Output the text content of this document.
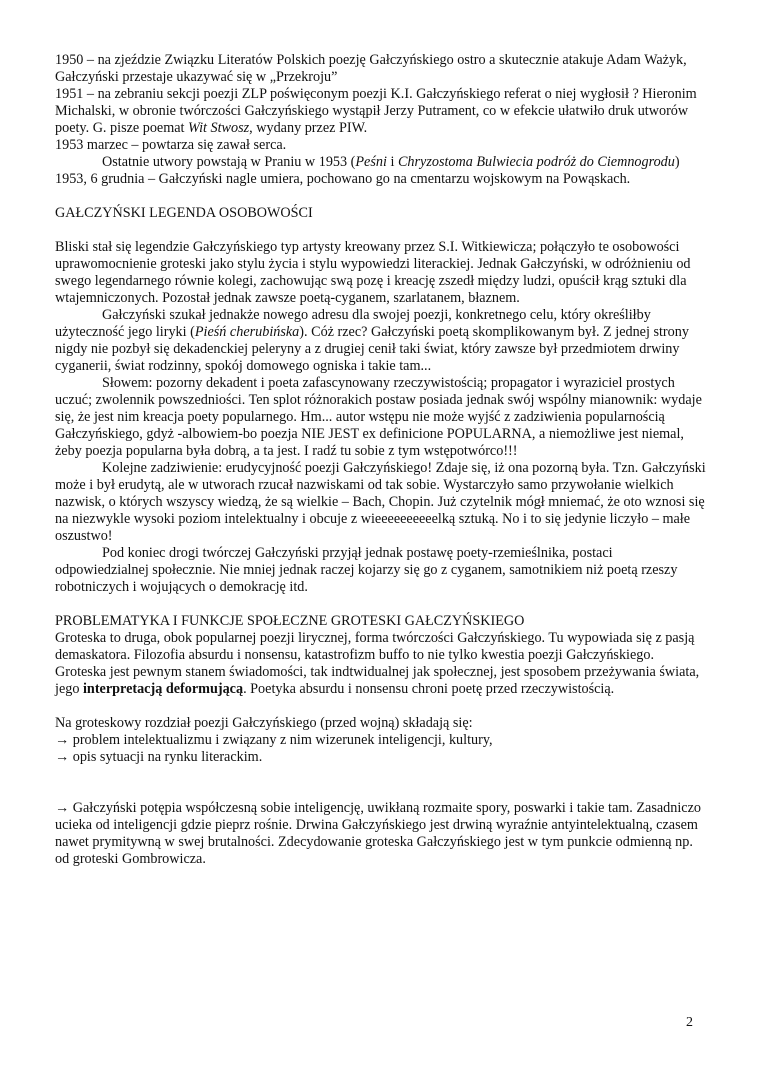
1950 – na zjeździe Związku Literatów Polskich poezję Gałczyńskiego ostro a skutecznie atakuje Adam Ważyk, Gałczyński przestaje ukazywać się w „Przekroju”

1951 – na zebraniu sekcji poezji ZLP poświęconym poezji K.I. Gałczyńskiego referat o niej wygłosił ? Hieronim Michalski, w obronie twórczości Gałczyńskiego wystąpił Jerzy Putrament, co w efekcie ułatwiło druk utworów poety. G. pisze poemat Wit Stwosz, wydany przez PIW.

1953 marzec – powtarza się zawał serca.

Ostatnie utwory powstają w Praniu w 1953 (Peśni i Chryzostoma Bulwiecia podróż do Ciemnogrodu)

1953, 6 grudnia – Gałczyński nagle umiera, pochowano go na cmentarzu wojskowym na Powąskach.

GAŁCZYŃSKI LEGENDA OSOBOWOŚCI

Bliski stał się legendzie Gałczyńskiego typ artysty kreowany przez S.I. Witkiewicza; połączyło te osobowości uprawomocnienie groteski jako stylu życia i stylu wypowiedzi literackiej. Jednak Gałczyński, w odróżnieniu od swego legendarnego równie kolegi, zachowując swą pozę i kreację zszedł między ludzi, opuścił krąg sztuki dla wtajemniczonych. Pozostał jednak zawsze poetą-cyganem, szarlatanem, błaznem.

Gałczyński szukał jednakże nowego adresu dla swojej poezji, konkretnego celu, który określiłby użyteczność jego liryki (Pieśń cherubińska). Cóż rzec? Gałczyński poetą skomplikowanym był. Z jednej strony nigdy nie pozbył się dekadenckiej peleryny a z drugiej cenił taki świat, który zawsze był przedmiotem drwiny cyganerii, świat rodzinny, spokój domowego ogniska i takie tam...

Słowem: pozorny dekadent i poeta zafascynowany rzeczywistością; propagator i wyraziciel prostych uczuć; zwolennik powszedniości. Ten splot różnorakich postaw posiada jednak swój wspólny mianownik: wydaje się, że jest nim kreacja poety popularnego. Hm... autor wstępu nie może wyjść z zadziwienia popularnością Gałczyńskiego, gdyż -albowiem-bo poezja NIE JEST ex definicione POPULARNA, a niemożliwe jest niemal, żeby poezja popularna była dobrą, a ta jest. I radź tu sobie z tym wstępotwórco!!!

Kolejne zadziwienie: erudycyjność poezji Gałczyńskiego! Zdaje się, iż ona pozorną była. Tzn. Gałczyński może i był erudytą, ale w utworach rzucał nazwiskami od tak sobie. Wystarczyło samo przywołanie wielkich nazwisk, o których wszyscy wiedzą, że są wielkie – Bach, Chopin. Już czytelnik mógł mniemać, że oto wznosi się na niezwykle wysoki poziom intelektualny i obcuje z wieeeeeeeeeelką sztuką. No i to się jedynie liczyło – małe oszustwo!

Pod koniec drogi twórczej Gałczyński przyjął jednak postawę poety-rzemieślnika, postaci odpowiedzialnej społecznie. Nie mniej jednak raczej kojarzy się go z cyganem, samotnikiem niż poetą rzeszy robotniczych i wojujących o demokrację itd.

PROBLEMATYKA I FUNKCJE SPOŁECZNE GROTESKI GAŁCZYŃSKIEGO

Groteska to druga, obok popularnej poezji lirycznej, forma twórczości Gałczyńskiego. Tu wypowiada się z pasją demaskatora. Filozofia absurdu i nonsensu, katastrofizm buffo to nie tylko kwestia poezji Gałczyńskiego. Groteska jest pewnym stanem świadomości, tak indtwidualnej jak społecznej, jest sposobem przeżywania świata, jego interpretacją deformującą. Poetyka absurdu i nonsensu chroni poetę przed rzeczywistością.

Na groteskowy rozdział poezji Gałczyńskiego (przed wojną) składają się:

→ problem intelektualizmu i związany z nim wizerunek inteligencji, kultury,

→ opis sytuacji na rynku literackim.

→ Gałczyński potępia współczesną sobie inteligencję, uwikłaną rozmaite spory, poswarki i takie tam. Zasadniczo ucieka od inteligencji gdzie pieprz rośnie. Drwina Gałczyńskiego jest drwiną wyraźnie antyintelektualną, czasem nawet prymitywną w swej brutalności. Zdecydowanie groteska Gałczyńskiego jest w tym punkcie odmienną np. od groteski Gombrowicza.

2
